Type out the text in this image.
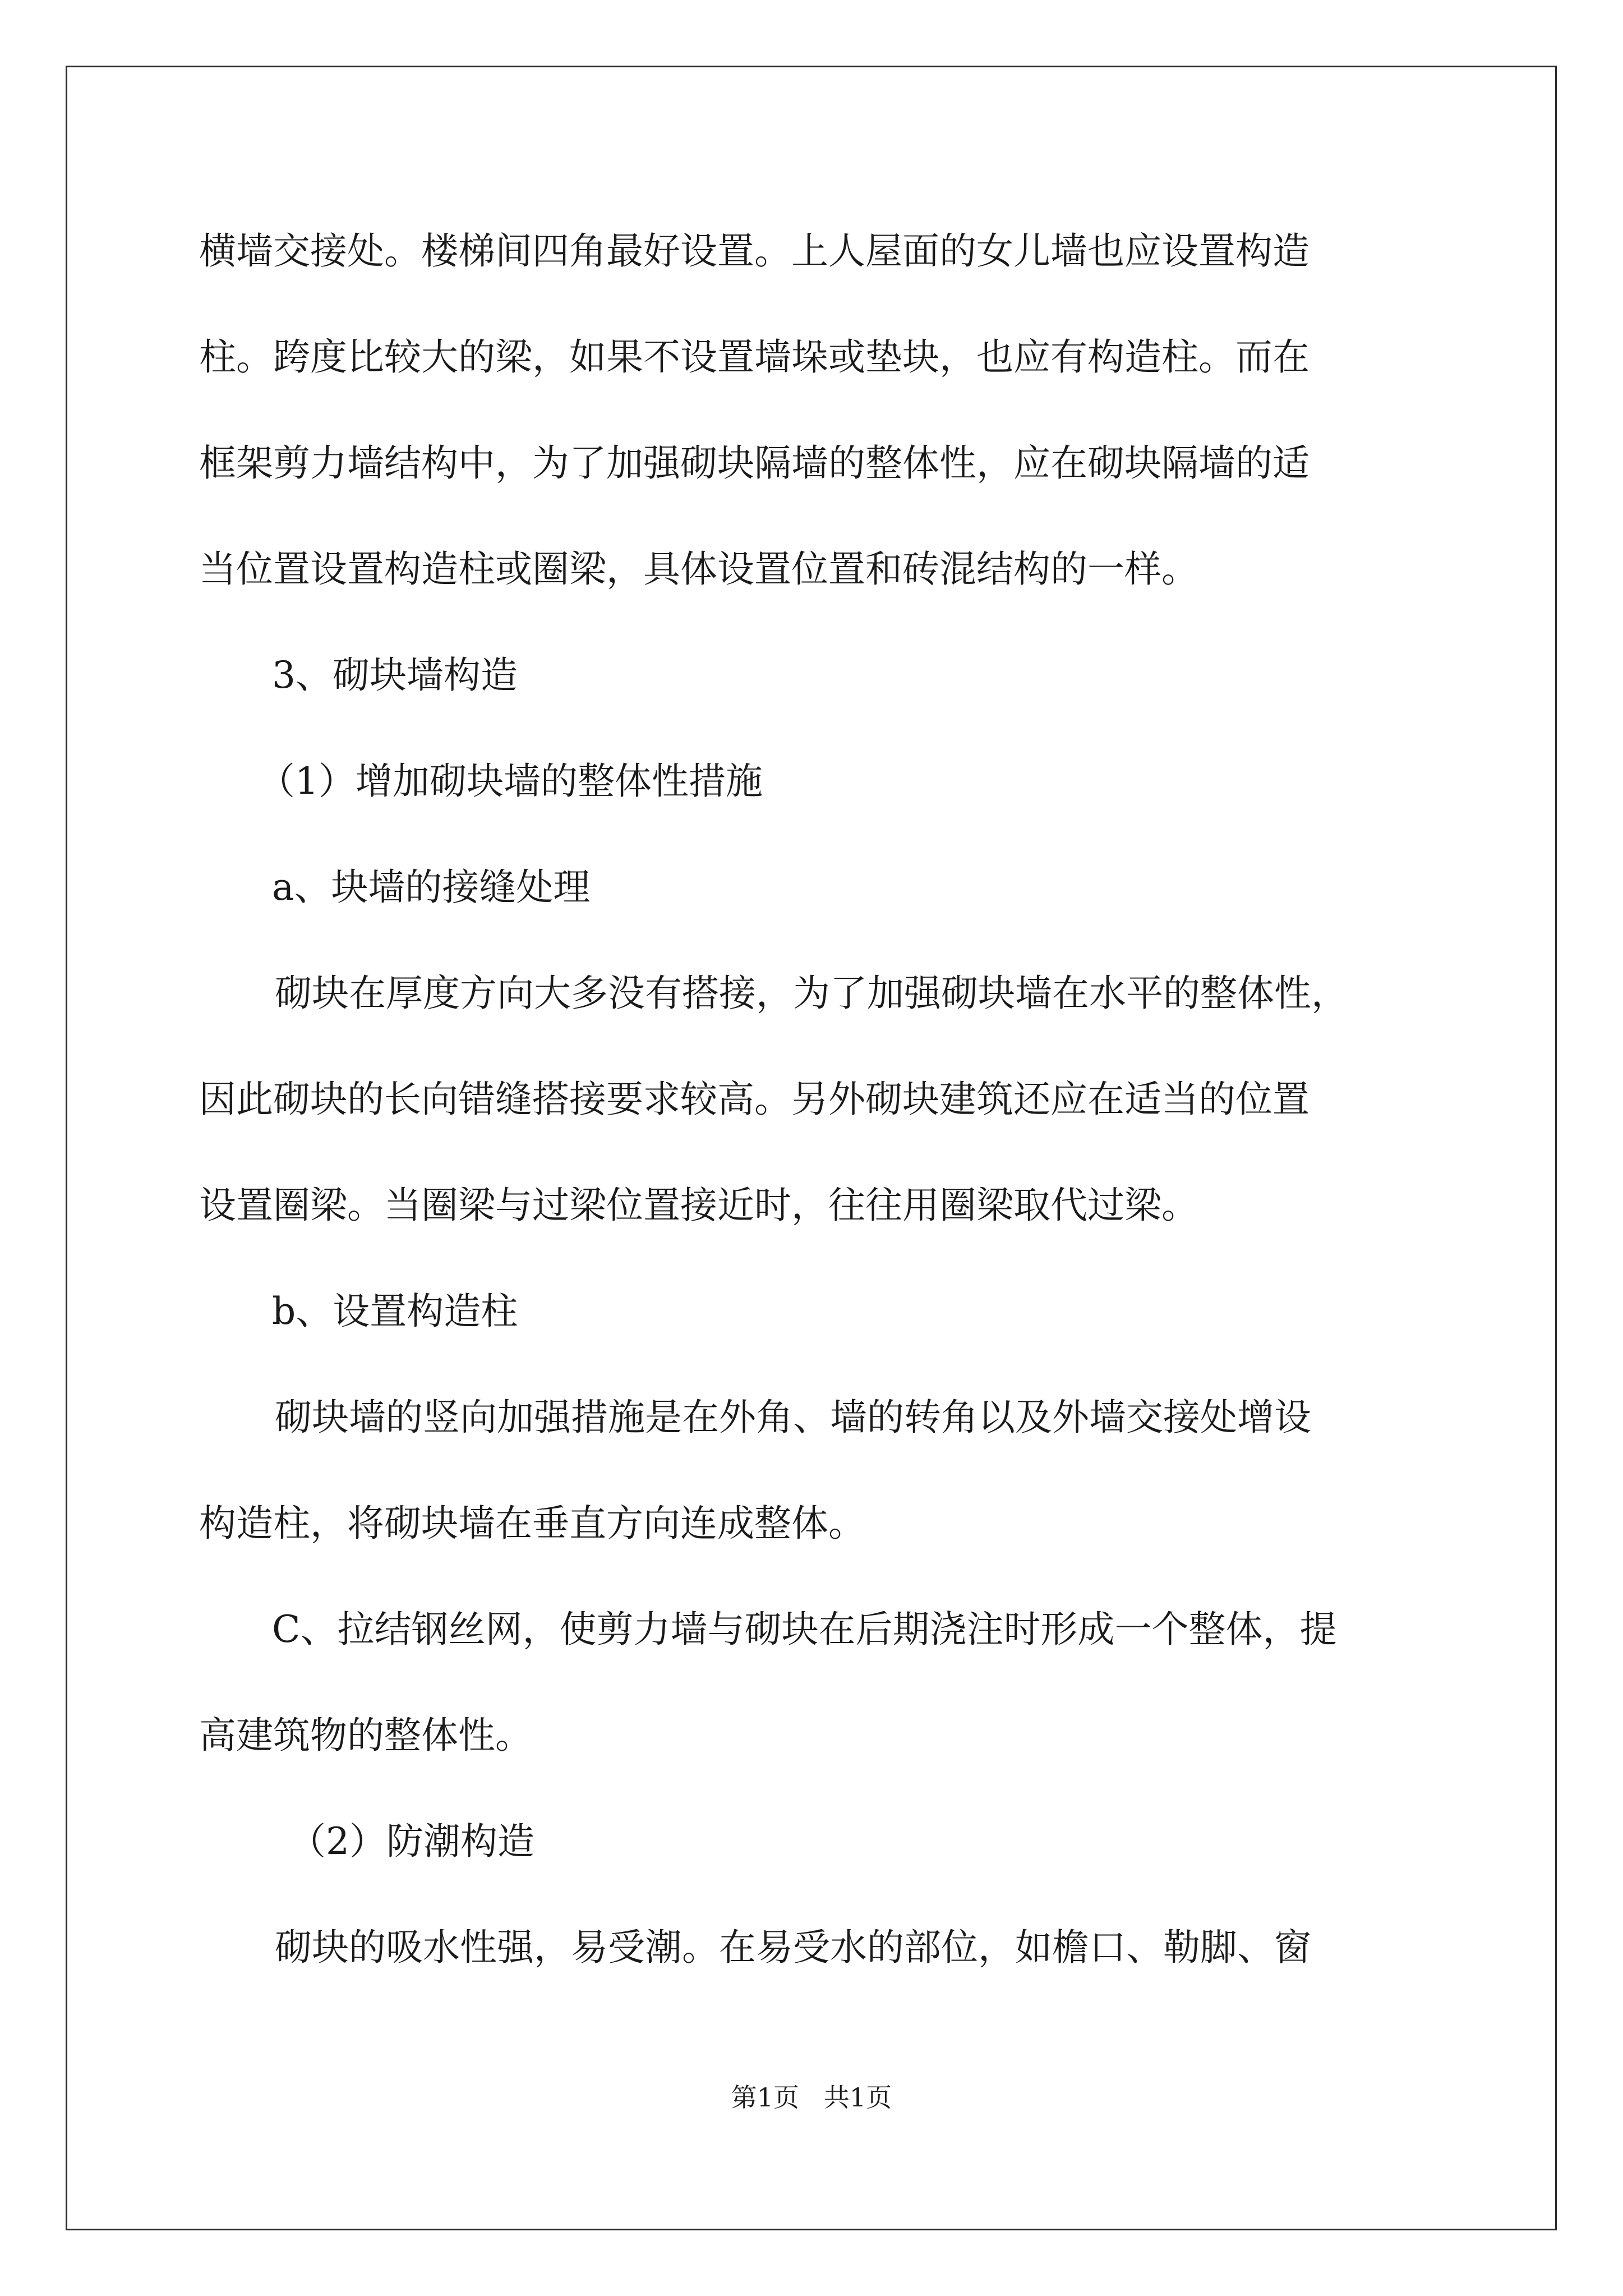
横墙交接处。楼梯间四角最好设置。上人屋面的女儿墙也应设置构造
柱。跨度比较大的梁，如果不设置墙垛或垫块，也应有构造柱。而在
框架剪力墙结构中，为了加强砌块隔墙的整体性，应在砌块隔墙的适
当位置设置构造柱或圈梁，具体设置位置和砖混结构的一样。
3、砌块墙构造
（1）增加砌块墙的整体性措施
a、块墙的接缝处理
砌块在厚度方向大多没有搭接，为了加强砌块墙在水平的整体性，
因此砌块的长向错缝搭接要求较高。另外砌块建筑还应在适当的位置
设置圈梁。当圈梁与过梁位置接近时，往往用圈梁取代过梁。
b、设置构造柱
砌块墙的竖向加强措施是在外角、墙的转角以及外墙交接处增设
构造柱，将砌块墙在垂直方向连成整体。
C、拉结钢丝网，使剪力墙与砌块在后期浇注时形成一个整体，提
高建筑物的整体性。
（2）防潮构造
砌块的吸水性强，易受潮。在易受水的部位，如檐口、勒脚、窗
第1页   共1页
